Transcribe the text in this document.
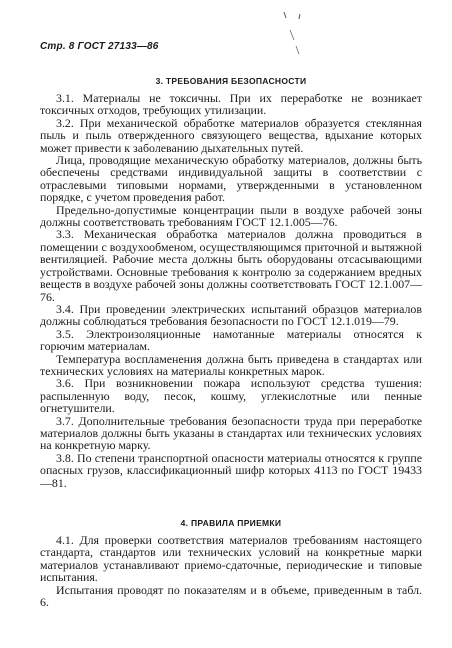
Стр. 8 ГОСТ 27133—86
3. ТРЕБОВАНИЯ БЕЗОПАСНОСТИ

3.1. Материалы не токсичны. При их переработке не возникает токсичных отходов, требующих утилизации.

3.2. При механической обработке материалов образуется стеклянная пыль и пыль отвержденного связующего вещества, вдыхание которых может привести к заболеванию дыхательных путей.

Лица, проводящие механическую обработку материалов, должны быть обеспечены средствами индивидуальной защиты в соответствии с отраслевыми типовыми нормами, утвержденными в установленном порядке, с учетом проведения работ.

Предельно-допустимые концентрации пыли в воздухе рабочей зоны должны соответствовать требованиям ГОСТ 12.1.005—76.

3.3. Механическая обработка материалов должна проводиться в помещении с воздухообменом, осуществляющимся приточной и вытяжной вентиляцией. Рабочие места должны быть оборудованы отсасывающими устройствами. Основные требования к контролю за содержанием вредных веществ в воздухе рабочей зоны должны соответствовать ГОСТ 12.1.007—76.

3.4. При проведении электрических испытаний образцов материалов должны соблюдаться требования безопасности по ГОСТ 12.1.019—79.

3.5. Электроизоляционные намотанные материалы относятся к горючим материалам.

Температура воспламенения должна быть приведена в стандартах или технических условиях на материалы конкретных марок.

3.6. При возникновении пожара используют средства тушения: распыленную воду, песок, кошму, углекислотные или пенные огнетушители.

3.7. Дополнительные требования безопасности труда при переработке материалов должны быть указаны в стандартах или технических условиях на конкретную марку.

3.8. По степени транспортной опасности материалы относятся к группе опасных грузов, классификационный шифр которых 4113 по ГОСТ 19433—81.

4. ПРАВИЛА ПРИЕМКИ

4.1. Для проверки соответствия материалов требованиям настоящего стандарта, стандартов или технических условий на конкретные марки материалов устанавливают приемо-сдаточные, периодические и типовые испытания.

Испытания проводят по показателям и в объеме, приведенным в табл. 6.
